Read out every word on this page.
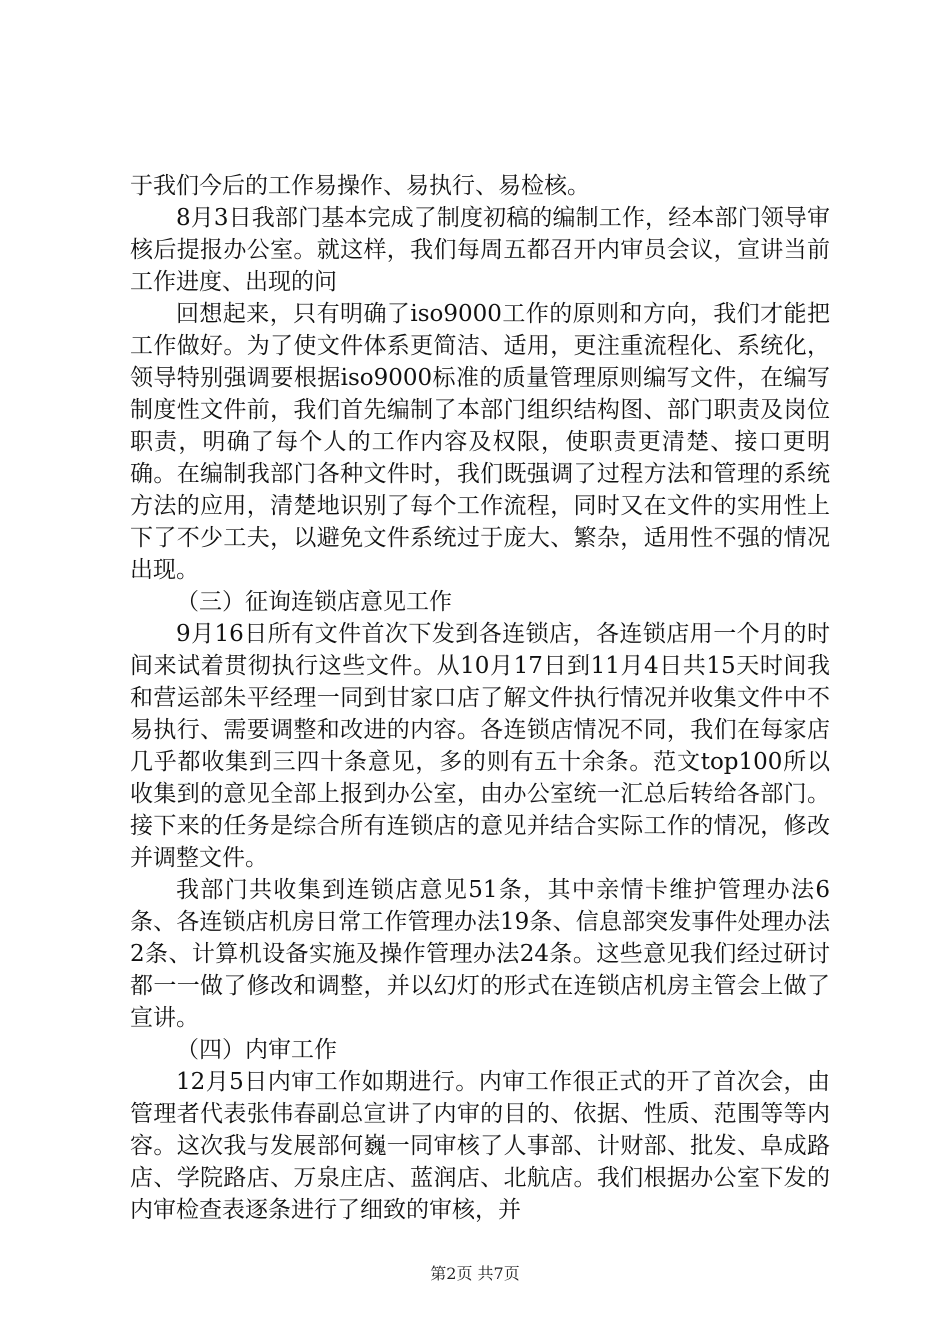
于我们今后的工作易操作、易执行、易检核。

8月3日我部门基本完成了制度初稿的编制工作，经本部门领导审核后提报办公室。就这样，我们每周五都召开内审员会议，宣讲当前工作进度、出现的问

回想起来，只有明确了iso9000工作的原则和方向，我们才能把工作做好。为了使文件体系更简洁、适用，更注重流程化、系统化，领导特别强调要根据iso9000标准的质量管理原则编写文件，在编写制度性文件前，我们首先编制了本部门组织结构图、部门职责及岗位职责，明确了每个人的工作内容及权限，使职责更清楚、接口更明确。在编制我部门各种文件时，我们既强调了过程方法和管理的系统方法的应用，清楚地识别了每个工作流程，同时又在文件的实用性上下了不少工夫，以避免文件系统过于庞大、繁杂，适用性不强的情况出现。

（三）征询连锁店意见工作

9月16日所有文件首次下发到各连锁店，各连锁店用一个月的时间来试着贯彻执行这些文件。从10月17日到11月4日共15天时间我和营运部朱平经理一同到甘家口店了解文件执行情况并收集文件中不易执行、需要调整和改进的内容。各连锁店情况不同，我们在每家店几乎都收集到三四十条意见，多的则有五十余条。范文top100所以收集到的意见全部上报到办公室，由办公室统一汇总后转给各部门。接下来的任务是综合所有连锁店的意见并结合实际工作的情况，修改并调整文件。

我部门共收集到连锁店意见51条，其中亲情卡维护管理办法6条、各连锁店机房日常工作管理办法19条、信息部突发事件处理办法2条、计算机设备实施及操作管理办法24条。这些意见我们经过研讨都一一做了修改和调整，并以幻灯的形式在连锁店机房主管会上做了宣讲。

（四）内审工作

12月5日内审工作如期进行。内审工作很正式的开了首次会，由管理者代表张伟春副总宣讲了内审的目的、依据、性质、范围等等内容。这次我与发展部何巍一同审核了人事部、计财部、批发、阜成路店、学院路店、万泉庄店、蓝润店、北航店。我们根据办公室下发的内审检查表逐条进行了细致的审核，并

第2页 共7页
